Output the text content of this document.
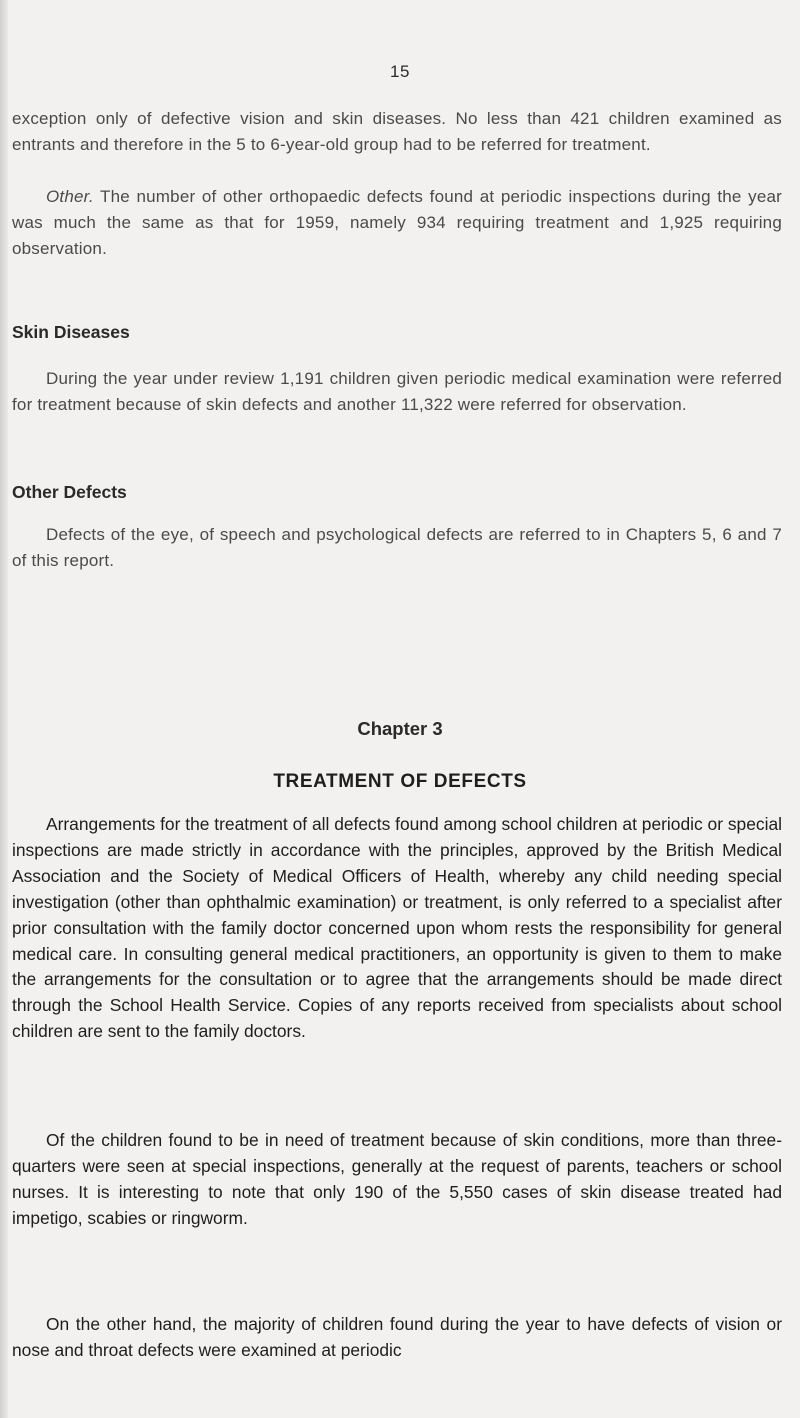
15

exception only of defective vision and skin diseases. No less than 421 children examined as entrants and therefore in the 5 to 6-year-old group had to be referred for treatment.

Other. The number of other orthopaedic defects found at periodic inspections during the year was much the same as that for 1959, namely 934 requiring treatment and 1,925 requiring observation.

Skin Diseases

During the year under review 1,191 children given periodic medical examination were referred for treatment because of skin defects and another 11,322 were referred for observation.

Other Defects

Defects of the eye, of speech and psychological defects are referred to in Chapters 5, 6 and 7 of this report.

Chapter 3
TREATMENT OF DEFECTS

Arrangements for the treatment of all defects found among school children at periodic or special inspections are made strictly in accordance with the principles, approved by the British Medical Association and the Society of Medical Officers of Health, whereby any child needing special investigation (other than ophthalmic examination) or treatment, is only referred to a specialist after prior consultation with the family doctor concerned upon whom rests the responsibility for general medical care. In consulting general medical practitioners, an opportunity is given to them to make the arrangements for the consultation or to agree that the arrangements should be made direct through the School Health Service. Copies of any reports received from specialists about school children are sent to the family doctors.

Of the children found to be in need of treatment because of skin conditions, more than three-quarters were seen at special inspections, generally at the request of parents, teachers or school nurses. It is interesting to note that only 190 of the 5,550 cases of skin disease treated had impetigo, scabies or ringworm.

On the other hand, the majority of children found during the year to have defects of vision or nose and throat defects were examined at periodic
